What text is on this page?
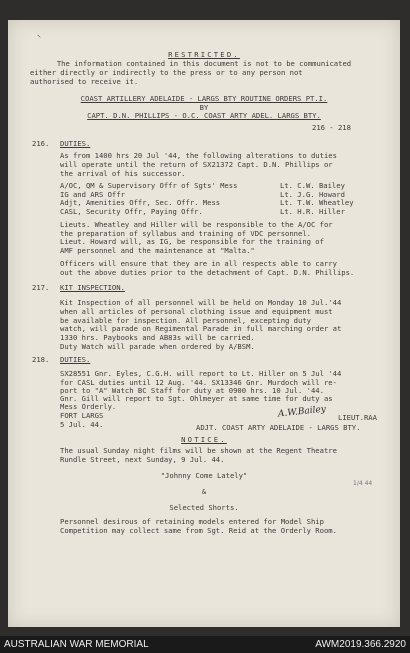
⸜
RESTRICTED.
The information contained in this document is not to be communicated
either directly or indirectly to the press or to any person not
authorised to receive it.
COAST ARTILLERY ADELAIDE - LARGS BTY ROUTINE ORDERS PT.I.
BY
CAPT. D.N. PHILLIPS - O.C. COAST ARTY ADEL. LARGS BTY.
216 - 218
216. DUTIES.
As from 1400 hrs 20 Jul '44, the following alterations to duties
will operate until the return of SX21372 Capt. D.N. Phillips or
the arrival of his successor.
A/OC, QM & Supervisory Offr of Sgts' Mess	Lt. C.W. Bailey
IG and ARS Offr	Lt. J.G. Howard
Adjt, Amenities Offr, Sec. Offr. Mess	Lt. T.W. Wheatley
CASL, Security Offr, Paying Offr.	Lt. H.R. Hiller
Lieuts. Wheatley and Hiller will be responsible to the A/OC for
the preparation of syllabus and training of VDC personnel.
Lieut. Howard will, as IG, be responsible for the training of
AMF personnel and the maintenance at "Malta."
Officers will ensure that they are in all respects able to carry
out the above duties prior to the detachment of Capt. D.N. Phillips.
217. KIT INSPECTION.
Kit Inspection of all personnel will be held on Monday 10 Jul.'44
when all articles of personal clothing issue and equipment must
be available for inspection. All personnel, excepting duty
watch, will parade on Regimental Parade in full marching order at
1330 hrs. Paybooks and AB83s will be carried.
Duty Watch will parade when ordered by A/BSM.
218. DUTIES.
SX28551 Gnr. Eyles, C.G.H. will report to Lt. Hiller on 5 Jul '44
for CASL duties until 12 Aug. '44. SX13346 Gnr. Murdoch will re-
port to "A" Watch BC Staff for duty at 0900 hrs. 10 Jul. '44.
Gnr. Gill will report to Sgt. Ohlmeyer at same time for duty as
Mess Orderly.
FORT LARGS
5 Jul. 44.
A.W.Bailey LIEUT.RAA
ADJT. COAST ARTY ADELAIDE - LARGS BTY.
NOTICE.
The usual Sunday night films will be shown at the Regent Theatre
Rundle Street, next Sunday, 9 Jul. 44.
"Johnny Come Lately"
&
Selected Shorts.
Personnel desirous of retaining models entered for Model Ship
Competition may collect same from Sgt. Reid at the Orderly Room.
1/4 44
AUSTRALIAN WAR MEMORIAL	AWM2019.366.2920
